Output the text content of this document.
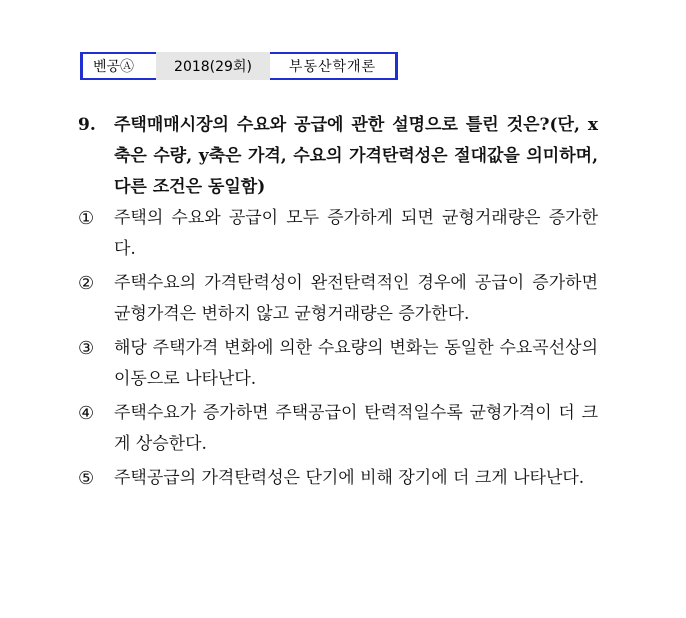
벤공Ⓐ	2018(29회)	부동산학개론
9.	주택매매시장의 수요와 공급에 관한 설명으로 틀린 것은?(단, x축은 수량, y축은 가격, 수요의 가격탄력성은 절대값을 의미하며, 다른 조건은 동일함)
①	주택의 수요와 공급이 모두 증가하게 되면 균형거래량은 증가한다.
②	주택수요의 가격탄력성이 완전탄력적인 경우에 공급이 증가하면 균형가격은 변하지 않고 균형거래량은 증가한다.
③	해당 주택가격 변화에 의한 수요량의 변화는 동일한 수요곡선상의 이동으로 나타난다.
④	주택수요가 증가하면 주택공급이 탄력적일수록 균형가격이 더 크게 상승한다.
⑤	주택공급의 가격탄력성은 단기에 비해 장기에 더 크게 나타난다.
